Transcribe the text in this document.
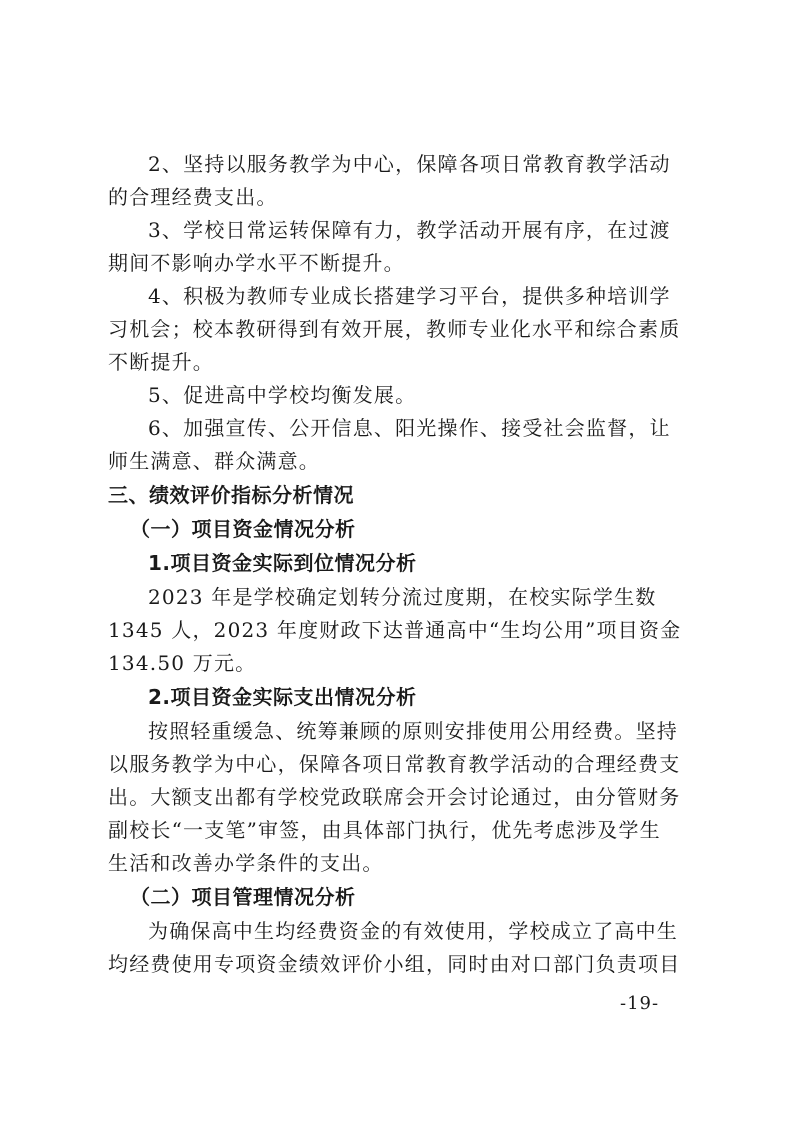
2、坚持以服务教学为中心，保障各项日常教育教学活动
的合理经费支出。
3、学校日常运转保障有力，教学活动开展有序，在过渡
期间不影响办学水平不断提升。
4、积极为教师专业成长搭建学习平台，提供多种培训学
习机会；校本教研得到有效开展，教师专业化水平和综合素质
不断提升。
5、促进高中学校均衡发展。
6、加强宣传、公开信息、阳光操作、接受社会监督，让
师生满意、群众满意。
三、绩效评价指标分析情况
（一）项目资金情况分析
1.项目资金实际到位情况分析
2023 年是学校确定划转分流过度期，在校实际学生数
1345 人，2023 年度财政下达普通高中“生均公用”项目资金
134.50 万元。
2.项目资金实际支出情况分析
按照轻重缓急、统筹兼顾的原则安排使用公用经费。坚持
以服务教学为中心，保障各项日常教育教学活动的合理经费支
出。大额支出都有学校党政联席会开会讨论通过，由分管财务
副校长“一支笔”审签，由具体部门执行，优先考虑涉及学生
生活和改善办学条件的支出。
（二）项目管理情况分析
为确保高中生均经费资金的有效使用，学校成立了高中生
均经费使用专项资金绩效评价小组，同时由对口部门负责项目
-19-
